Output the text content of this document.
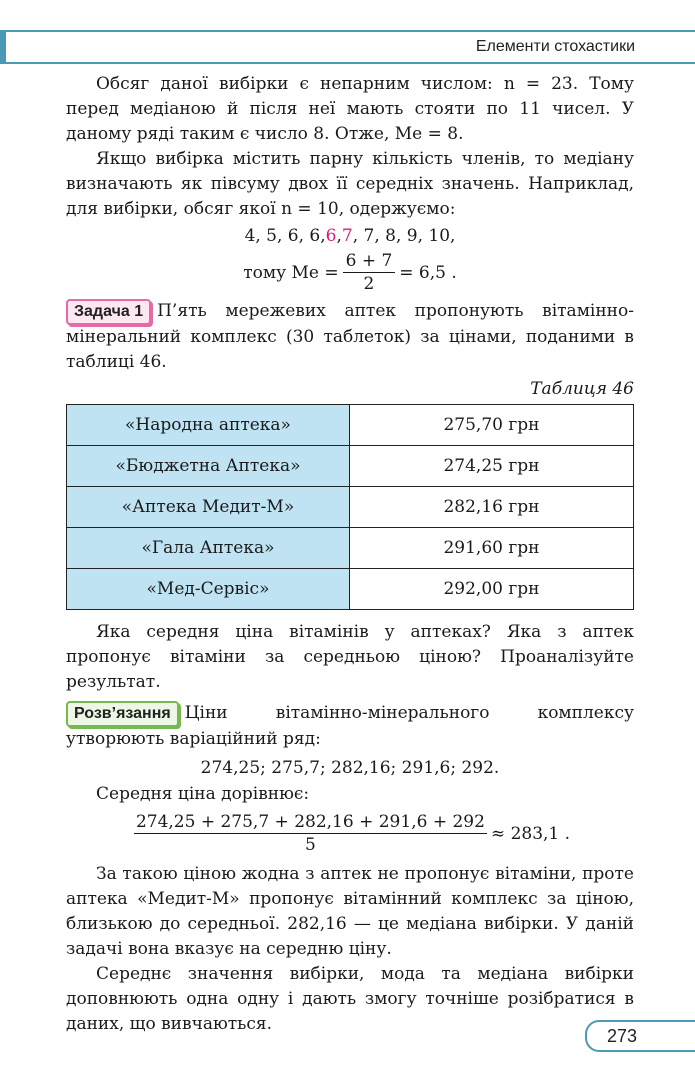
Елементи стохастики

Обсяг даної вибірки є непарним числом: n = 23. Тому перед медіаною й після неї мають стояти по 11 чисел. У даному ряді таким є число 8. Отже, Me = 8.

Якщо вибірка містить парну кількість членів, то медіану визначають як півсуму двох її середніх значень. Наприклад, для вибірки, обсяг якої n = 10, одержуємо:

4, 5, 6, 6, 6 , 7 , 7, 8, 9, 10,
тому $Me = \frac{6 + 7}{2} = 6,5$ .

Задача 1 П’ять мережевих аптек пропонують вітамінно-мінеральний комплекс (30 таблеток) за цінами, поданими в таблиці 46.

Таблиця 46
«Народна аптека»	275,70 грн
«Бюджетна Аптека»	274,25 грн
«Аптека Медит-М»	282,16 грн
«Гала Аптека»	291,60 грн
«Мед-Сервіс»	292,00 грн

Яка середня ціна вітамінів у аптеках? Яка з аптек пропонує вітаміни за середньою ціною? Проаналізуйте результат.

Розв’язання Ціни вітамінно-мінерального комплексу утворюють варіаційний ряд:

274,25; 275,7; 282,16; 291,6; 292.

Середня ціна дорівнює:

$\frac{274,25 + 275,7 + 282,16 + 291,6 + 292}{5} \approx 283,1$ .

За такою ціною жодна з аптек не пропонує вітаміни, проте аптека «Медит-М» пропонує вітамінний комплекс за ціною, близькою до середньої. 282,16 — це медіана вибірки. У даній задачі вона вказує на середню ціну.

Середнє значення вибірки, мода та медіана вибірки доповнюють одна одну і дають змогу точніше розібратися в даних, що вивчаються.

273
